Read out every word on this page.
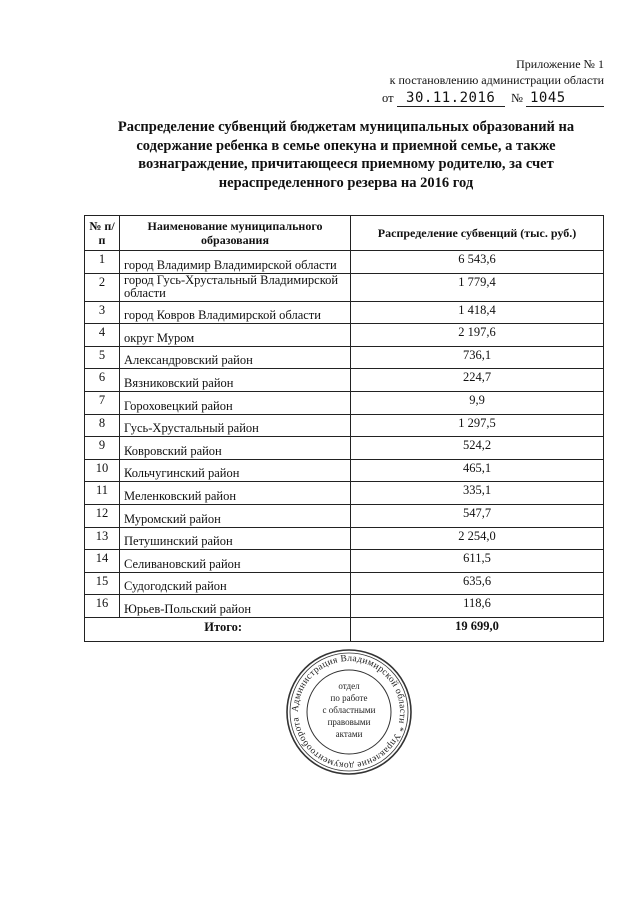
Приложение № 1
к постановлению администрации области
от 30.11.2016 № 1045
Распределение субвенций бюджетам муниципальных образований на содержание ребенка в семье опекуна и приемной семье, а также вознаграждение, причитающееся приемному родителю, за счет нераспределенного резерва на 2016 год
№ п/п	Наименование муниципального образования	Распределение субвенций (тыс. руб.)
1	город Владимир Владимирской области	6 543,6
2	город Гусь-Хрустальный Владимирской области	1 779,4
3	город Ковров Владимирской области	1 418,4
4	округ Муром	2 197,6
5	Александровский район	736,1
6	Вязниковский район	224,7
7	Гороховецкий район	9,9
8	Гусь-Хрустальный район	1 297,5
9	Ковровский район	524,2
10	Кольчугинский район	465,1
11	Меленковский район	335,1
12	Муромский район	547,7
13	Петушинский район	2 254,0
14	Селивановский район	611,5
15	Судогодский район	635,6
16	Юрьев-Польский район	118,6
Итого:		19 699,0
Администрация Владимирской области * Управление документооборота
отдел
по работе
с областными
правовыми
актами
